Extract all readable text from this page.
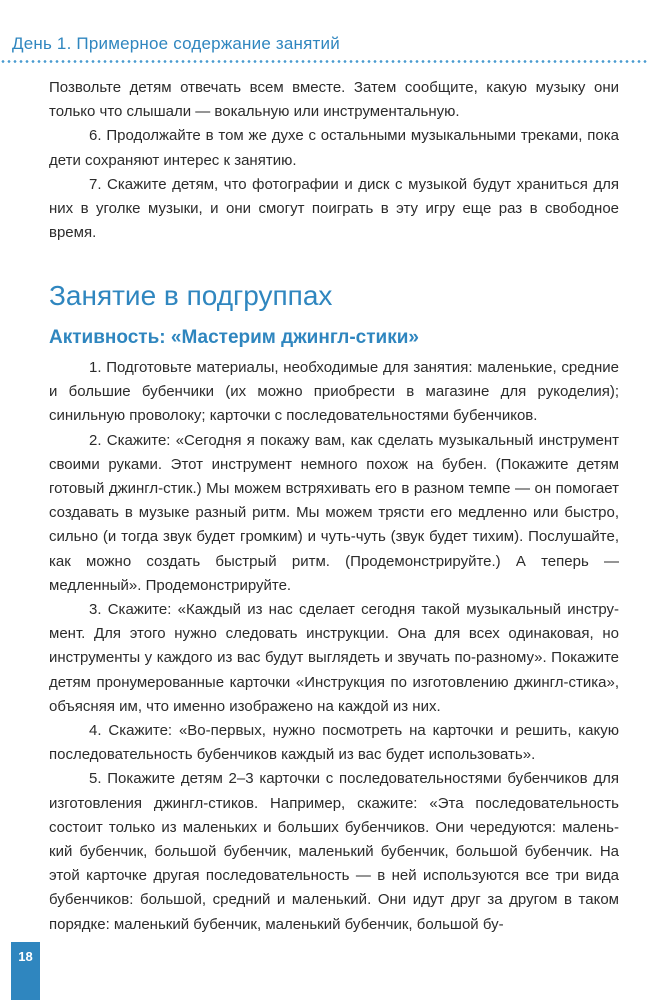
День 1. Примерное содержание занятий

Позвольте детям отвечать всем вместе. Затем сообщите, какую музыку они только что слышали — вокальную или инструментальную.

6. Продолжайте в том же духе с остальными музыкальными треками, пока дети сохраняют интерес к занятию.

7. Скажите детям, что фотографии и диск с музыкой будут храниться для них в уголке музыки, и они смогут поиграть в эту игру еще раз в свободное время.

Занятие в подгруппах
Активность: «Мастерим джингл-стики»

1. Подготовьте материалы, необходимые для занятия: маленькие, средние и большие бубенчики (их можно приобрести в магазине для рукоделия); синильную проволоку; карточки с последовательностями бубенчиков.

2. Скажите: «Сегодня я покажу вам, как сделать музыкальный инструмент своими руками. Этот инструмент немного похож на бубен. (Покажите детям готовый джингл-стик.) Мы можем встряхивать его в разном темпе — он помогает создавать в музыке разный ритм. Мы можем трясти его медленно или быстро, сильно (и тогда звук будет громким) и чуть-чуть (звук будет тихим). Послушайте, как можно создать быстрый ритм. (Продемонстрируйте.) А теперь — медленный». Продемонстрируйте.

3. Скажите: «Каждый из нас сделает сегодня такой музыкальный инструмент. Для этого нужно следовать инструкции. Она для всех одинаковая, но инструменты у каждого из вас будут выглядеть и звучать по-разному». Покажите детям пронумерованные карточки «Инструкция по изготовлению джингл-стика», объясняя им, что именно изображено на каждой из них.

4. Скажите: «Во-первых, нужно посмотреть на карточки и решить, какую последовательность бубенчиков каждый из вас будет использовать».

5. Покажите детям 2–3 карточки с последовательностями бубенчиков для изготовления джингл-стиков. Например, скажите: «Эта последовательность состоит только из маленьких и больших бубенчиков. Они чередуются: маленький бубенчик, большой бубенчик, маленький бубенчик, большой бубенчик. На этой карточке другая последовательность — в ней используются все три вида бубенчиков: большой, средний и маленький. Они идут друг за другом в таком порядке: маленький бубенчик, маленький бубенчик, большой бу-

18
